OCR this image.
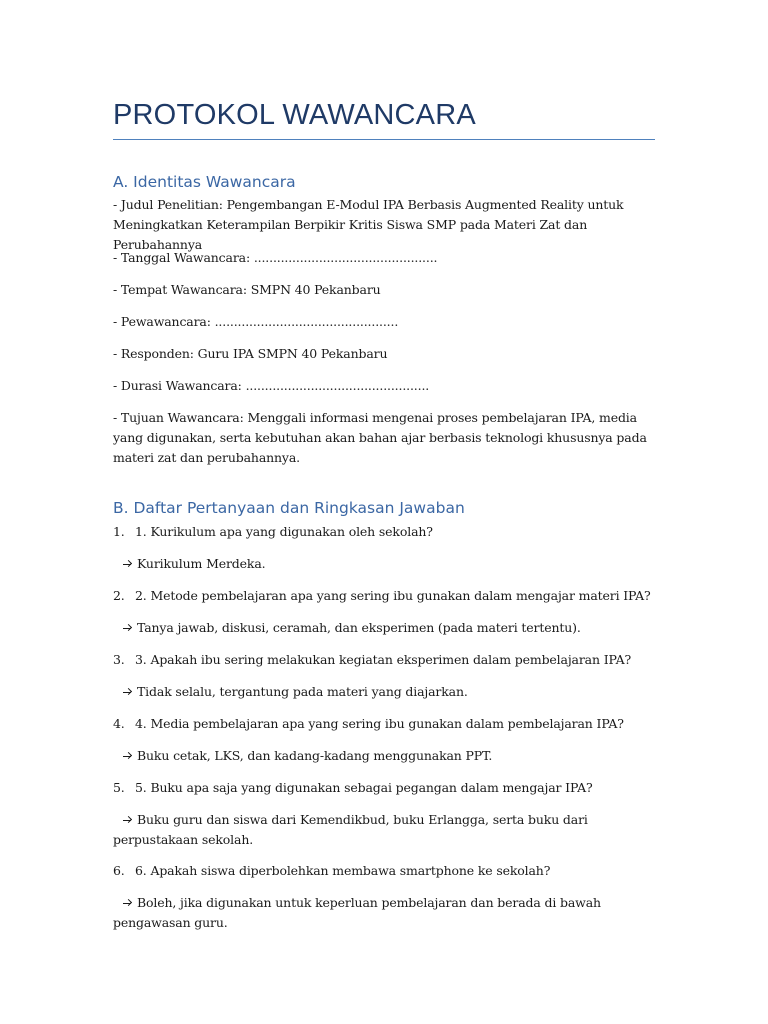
PROTOKOL WAWANCARA
A. Identitas Wawancara

- Judul Penelitian: Pengembangan E-Modul IPA Berbasis Augmented Reality untuk Meningkatkan Keterampilan Berpikir Kritis Siswa SMP pada Materi Zat dan Perubahannya

- Tanggal Wawancara: ................................................

- Tempat Wawancara: SMPN 40 Pekanbaru

- Pewawancara: ................................................

- Responden: Guru IPA SMPN 40 Pekanbaru

- Durasi Wawancara: ................................................

- Tujuan Wawancara: Menggali informasi mengenai proses pembelajaran IPA, media yang digunakan, serta kebutuhan akan bahan ajar berbasis teknologi khususnya pada materi zat dan perubahannya.

B. Daftar Pertanyaan dan Ringkasan Jawaban
1. 1. Kurikulum apa yang digunakan oleh sekolah?

Kurikulum Merdeka.

2. 2. Metode pembelajaran apa yang sering ibu gunakan dalam mengajar materi IPA?

Tanya jawab, diskusi, ceramah, dan eksperimen (pada materi tertentu).

3. 3. Apakah ibu sering melakukan kegiatan eksperimen dalam pembelajaran IPA?

Tidak selalu, tergantung pada materi yang diajarkan.

4. 4. Media pembelajaran apa yang sering ibu gunakan dalam pembelajaran IPA?

Buku cetak, LKS, dan kadang-kadang menggunakan PPT.

5. 5. Buku apa saja yang digunakan sebagai pegangan dalam mengajar IPA?

Buku guru dan siswa dari Kemendikbud, buku Erlangga, serta buku dari perpustakaan sekolah.

6. 6. Apakah siswa diperbolehkan membawa smartphone ke sekolah?

Boleh, jika digunakan untuk keperluan pembelajaran dan berada di bawah pengawasan guru.
